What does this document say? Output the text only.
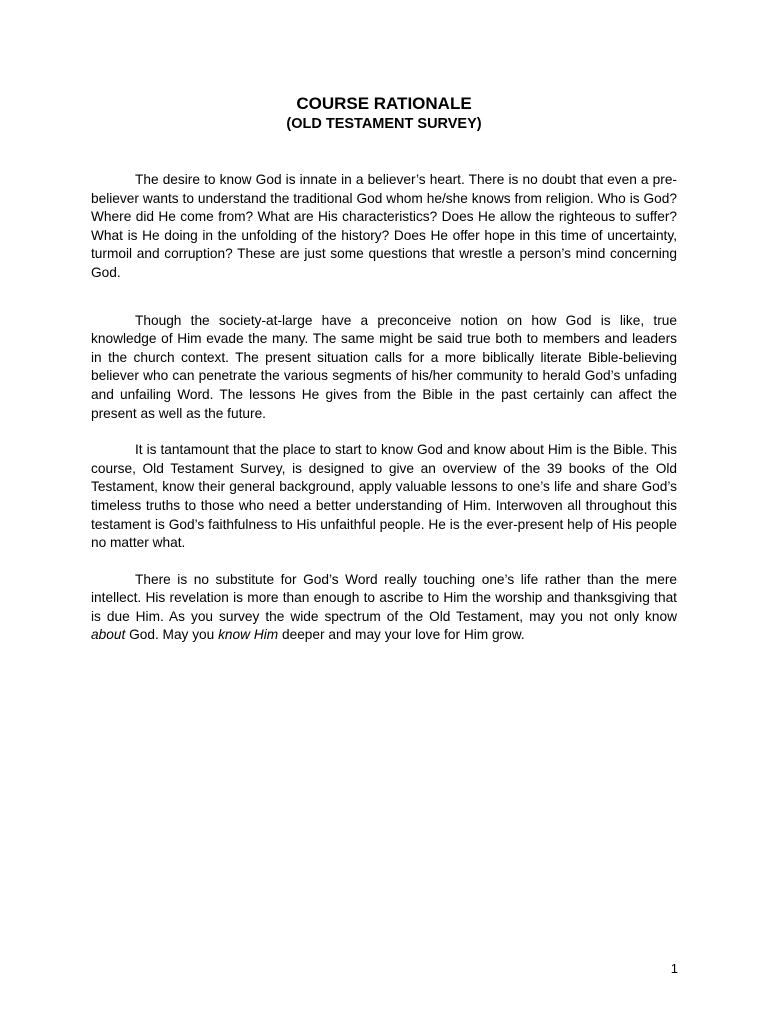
COURSE RATIONALE
(OLD TESTAMENT SURVEY)

The desire to know God is innate in a believer’s heart. There is no doubt that even a pre-believer wants to understand the traditional God whom he/she knows from religion. Who is God? Where did He come from? What are His characteristics? Does He allow the righteous to suffer? What is He doing in the unfolding of the history? Does He offer hope in this time of uncertainty, turmoil and corruption? These are just some questions that wrestle a person’s mind concerning God.

Though the society-at-large have a preconceive notion on how God is like, true knowledge of Him evade the many. The same might be said true both to members and leaders in the church context. The present situation calls for a more biblically literate Bible-believing believer who can penetrate the various segments of his/her community to herald God’s unfading and unfailing Word. The lessons He gives from the Bible in the past certainly can affect the present as well as the future.

It is tantamount that the place to start to know God and know about Him is the Bible. This course, Old Testament Survey, is designed to give an overview of the 39 books of the Old Testament, know their general background, apply valuable lessons to one’s life and share God’s timeless truths to those who need a better understanding of Him. Interwoven all throughout this testament is God’s faithfulness to His unfaithful people. He is the ever-present help of His people no matter what.

There is no substitute for God’s Word really touching one’s life rather than the mere intellect. His revelation is more than enough to ascribe to Him the worship and thanksgiving that is due Him. As you survey the wide spectrum of the Old Testament, may you not only know about God. May you know Him deeper and may your love for Him grow.

1
